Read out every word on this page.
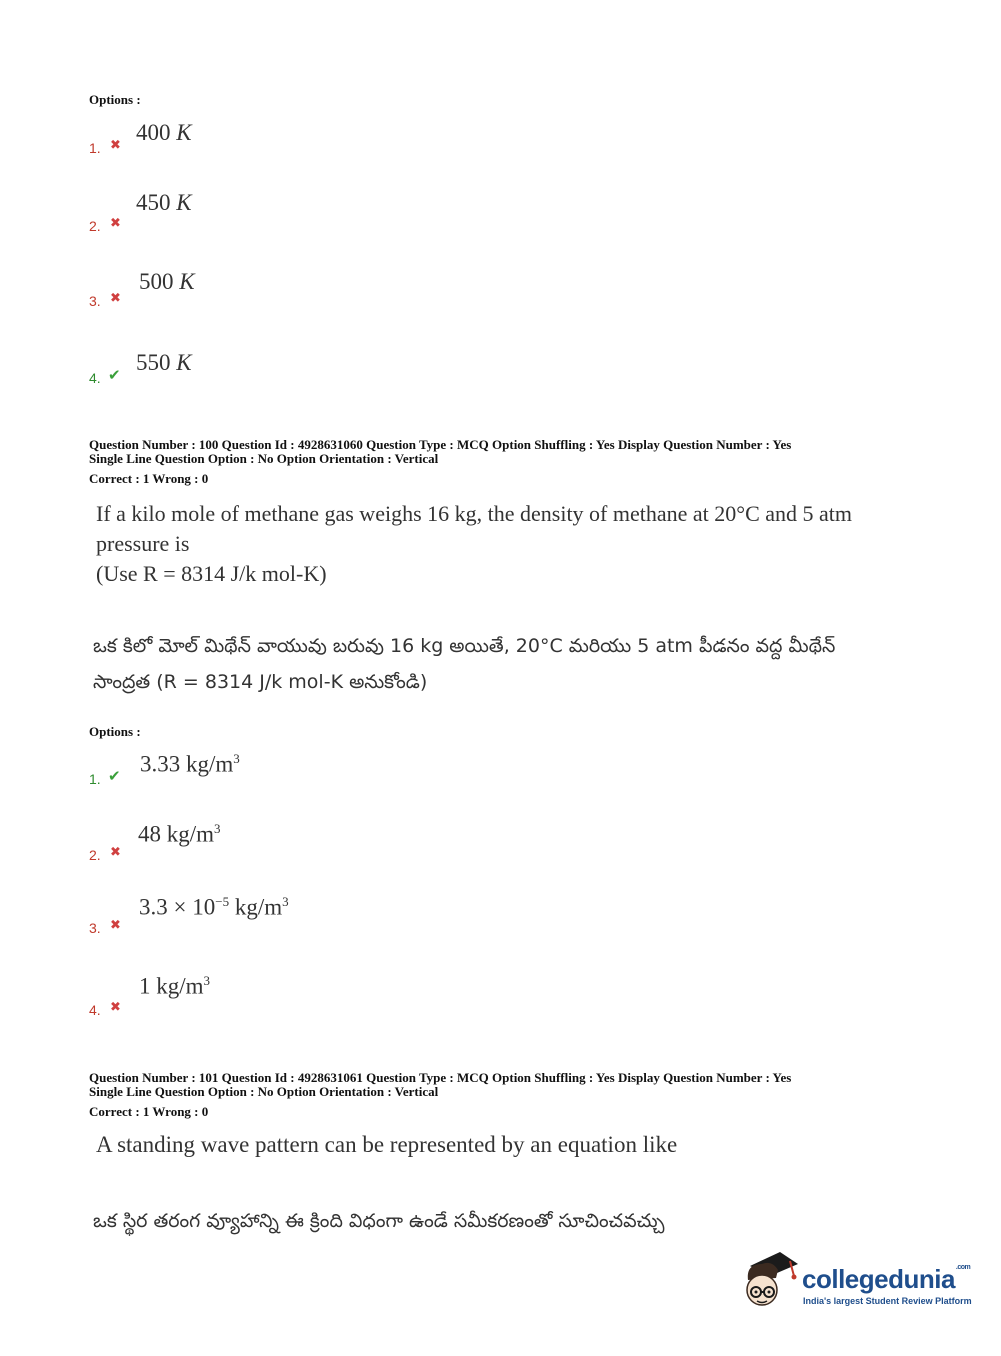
Options :
1. ✖
400 K
2. ✖
450 K
3. ✖
500 K
4. ✔ 550 K
Question Number : 100 Question Id : 4928631060 Question Type : MCQ Option Shuffling : Yes Display Question Number : Yes
Single Line Question Option : No Option Orientation : Vertical
Correct : 1 Wrong : 0
If a kilo mole of methane gas weighs 16 kg, the density of methane at 20°C and 5 atm
pressure is
(Use R = 8314 J/k mol-K)
ఒక కిలో మోల్ మిథేన్ వాయువు బరువు 16 kg అయితే, 20°C మరియు 5 atm పీడనం వద్ద మీథేన్
సాంద్రత (R = 8314 J/k mol-K అనుకోండి)
Options :
1. ✔ 3.33 $kg/m^3$
2. ✖
48 $kg/m^3$
3. ✖
$3.3 \times 10^{-5}$ $kg/m^3$
4. ✖
1 $kg/m^3$
Question Number : 101 Question Id : 4928631061 Question Type : MCQ Option Shuffling : Yes Display Question Number : Yes
Single Line Question Option : No Option Orientation : Vertical
Correct : 1 Wrong : 0
A standing wave pattern can be represented by an equation like
ఒక స్థిర తరంగ వ్యూహాన్ని ఈ క్రింది విధంగా ఉండే సమీకరణంతో సూచించవచ్చు
collegedunia$^{.com}$
India's largest Student Review Platform
